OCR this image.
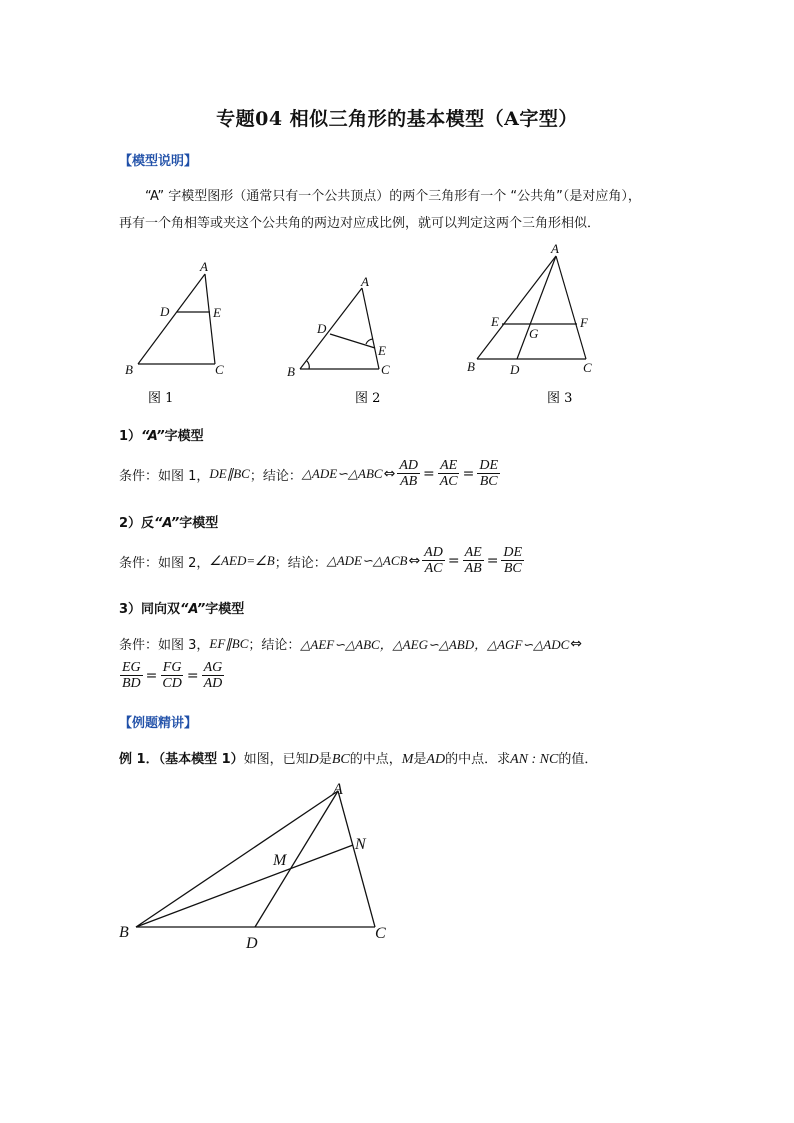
专题04 相似三角形的基本模型（A字型）
【模型说明】

“A” 字模型图形（通常只有一个公共顶点）的两个三角形有一个 “公共角”（是对应角），

再有一个角相等或夹这个公共角的两边对应成比例，就可以判定这两个三角形相似．

A
D	E
B	C
图 1
A
D
E
B	C
图 2
A
E	F
G
B	D	C
图 3
1）“A”字模型
条件：如图 1， DE∥BC ；结论： △ADE∽△ABC ⇔ $\frac{AD}{AB} = \frac{AE}{AC} = \frac{DE}{BC}$
2）反“A”字模型
条件：如图 2， ∠AED=∠B ；结论： △ADE∽△ACB ⇔ $\frac{AD}{AC} = \frac{AE}{AB} = \frac{DE}{BC}$
3）同向双“A”字模型
条件：如图 3， EF∥BC ；结论： △AEF∽△ABC，△AEG∽△ABD，△AGF∽△ADC ⇔
$\frac{EG}{BD} = \frac{FG}{CD} = \frac{AG}{AD}$
【例题精讲】
例 1．（基本模型 1）如图，已知D是BC的中点，M是AD的中点．求AN : NC的值．
A
M
N
B
D
C
